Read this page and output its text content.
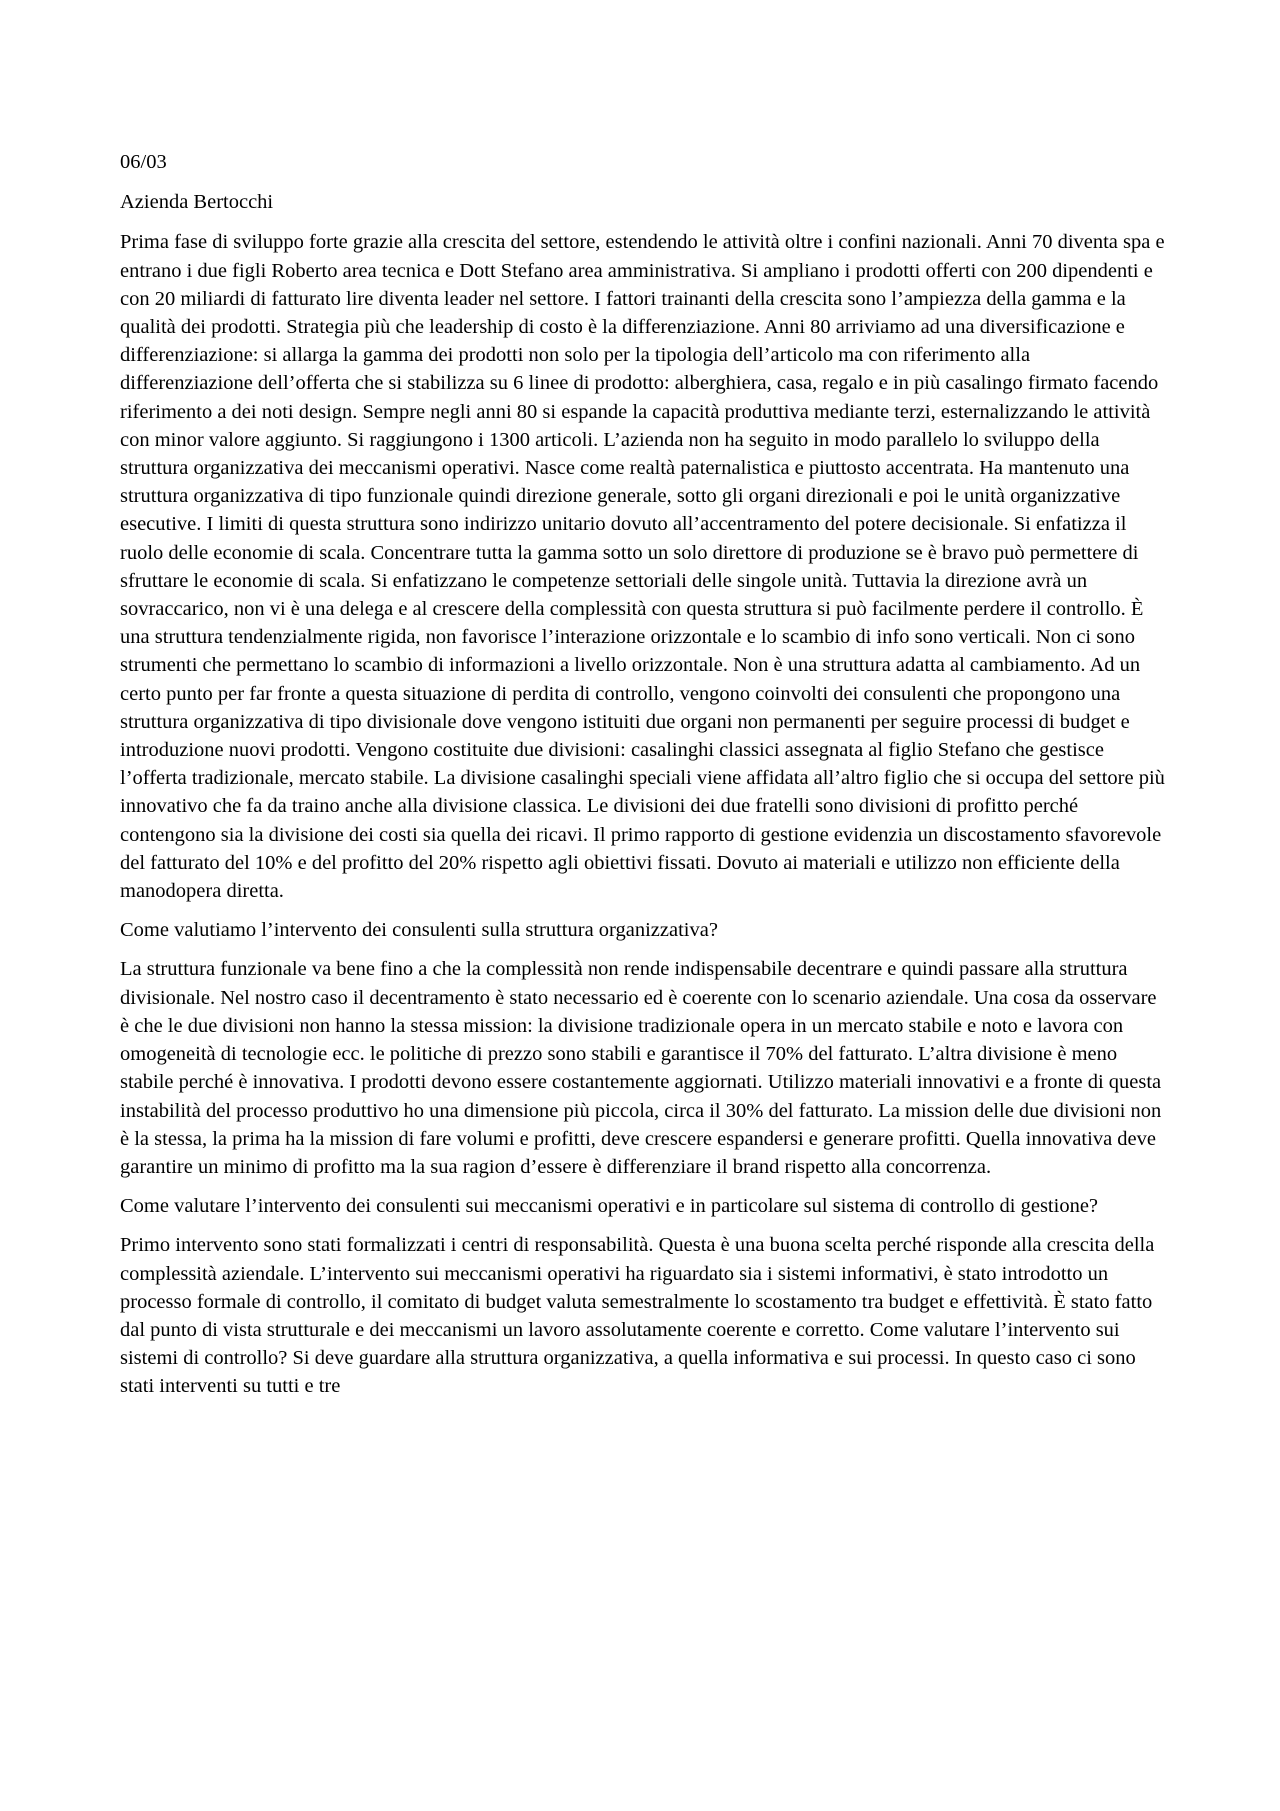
06/03

Azienda Bertocchi

Prima fase di sviluppo forte grazie alla crescita del settore, estendendo le attività oltre i confini nazionali. Anni 70 diventa spa e entrano i due figli Roberto area tecnica e Dott Stefano area amministrativa. Si ampliano i prodotti offerti con 200 dipendenti e con 20 miliardi di fatturato lire diventa leader nel settore. I fattori trainanti della crescita sono l’ampiezza della gamma e la qualità dei prodotti. Strategia più che leadership di costo è la differenziazione. Anni 80 arriviamo ad una diversificazione e differenziazione: si allarga la gamma dei prodotti non solo per la tipologia dell’articolo ma con riferimento alla differenziazione dell’offerta che si stabilizza su 6 linee di prodotto: alberghiera, casa, regalo e in più casalingo firmato facendo riferimento a dei noti design. Sempre negli anni 80 si espande la capacità produttiva mediante terzi, esternalizzando le attività con minor valore aggiunto. Si raggiungono i 1300 articoli. L’azienda non ha seguito in modo parallelo lo sviluppo della struttura organizzativa dei meccanismi operativi. Nasce come realtà paternalistica e piuttosto accentrata. Ha mantenuto una struttura organizzativa di tipo funzionale quindi direzione generale, sotto gli organi direzionali e poi le unità organizzative esecutive. I limiti di questa struttura sono indirizzo unitario dovuto all’accentramento del potere decisionale. Si enfatizza il ruolo delle economie di scala. Concentrare tutta la gamma sotto un solo direttore di produzione se è bravo può permettere di sfruttare le economie di scala. Si enfatizzano le competenze settoriali delle singole unità. Tuttavia la direzione avrà un sovraccarico, non vi è una delega e al crescere della complessità con questa struttura si può facilmente perdere il controllo. È una struttura tendenzialmente rigida, non favorisce l’interazione orizzontale e lo scambio di info sono verticali. Non ci sono strumenti che permettano lo scambio di informazioni a livello orizzontale. Non è una struttura adatta al cambiamento. Ad un certo punto per far fronte a questa situazione di perdita di controllo, vengono coinvolti dei consulenti che propongono una struttura organizzativa di tipo divisionale dove vengono istituiti due organi non permanenti per seguire processi di budget e introduzione nuovi prodotti. Vengono costituite due divisioni: casalinghi classici assegnata al figlio Stefano che gestisce l’offerta tradizionale, mercato stabile. La divisione casalinghi speciali viene affidata all’altro figlio che si occupa del settore più innovativo che fa da traino anche alla divisione classica. Le divisioni dei due fratelli sono divisioni di profitto perché contengono sia la divisione dei costi sia quella dei ricavi. Il primo rapporto di gestione evidenzia un discostamento sfavorevole del fatturato del 10% e del profitto del 20% rispetto agli obiettivi fissati. Dovuto ai materiali e utilizzo non efficiente della manodopera diretta.

Come valutiamo l’intervento dei consulenti sulla struttura organizzativa?

La struttura funzionale va bene fino a che la complessità non rende indispensabile decentrare e quindi passare alla struttura divisionale. Nel nostro caso il decentramento è stato necessario ed è coerente con lo scenario aziendale. Una cosa da osservare è che le due divisioni non hanno la stessa mission: la divisione tradizionale opera in un mercato stabile e noto e lavora con omogeneità di tecnologie ecc. le politiche di prezzo sono stabili e garantisce il 70% del fatturato. L’altra divisione è meno stabile perché è innovativa. I prodotti devono essere costantemente aggiornati. Utilizzo materiali innovativi e a fronte di questa instabilità del processo produttivo ho una dimensione più piccola, circa il 30% del fatturato. La mission delle due divisioni non è la stessa, la prima ha la mission di fare volumi e profitti, deve crescere espandersi e generare profitti. Quella innovativa deve garantire un minimo di profitto ma la sua ragion d’essere è differenziare il brand rispetto alla concorrenza.

Come valutare l’intervento dei consulenti sui meccanismi operativi e in particolare sul sistema di controllo di gestione?

Primo intervento sono stati formalizzati i centri di responsabilità. Questa è una buona scelta perché risponde alla crescita della complessità aziendale. L’intervento sui meccanismi operativi ha riguardato sia i sistemi informativi, è stato introdotto un processo formale di controllo, il comitato di budget valuta semestralmente lo scostamento tra budget e effettività. È stato fatto dal punto di vista strutturale e dei meccanismi un lavoro assolutamente coerente e corretto. Come valutare l’intervento sui sistemi di controllo? Si deve guardare alla struttura organizzativa, a quella informativa e sui processi. In questo caso ci sono stati interventi su tutti e tre
